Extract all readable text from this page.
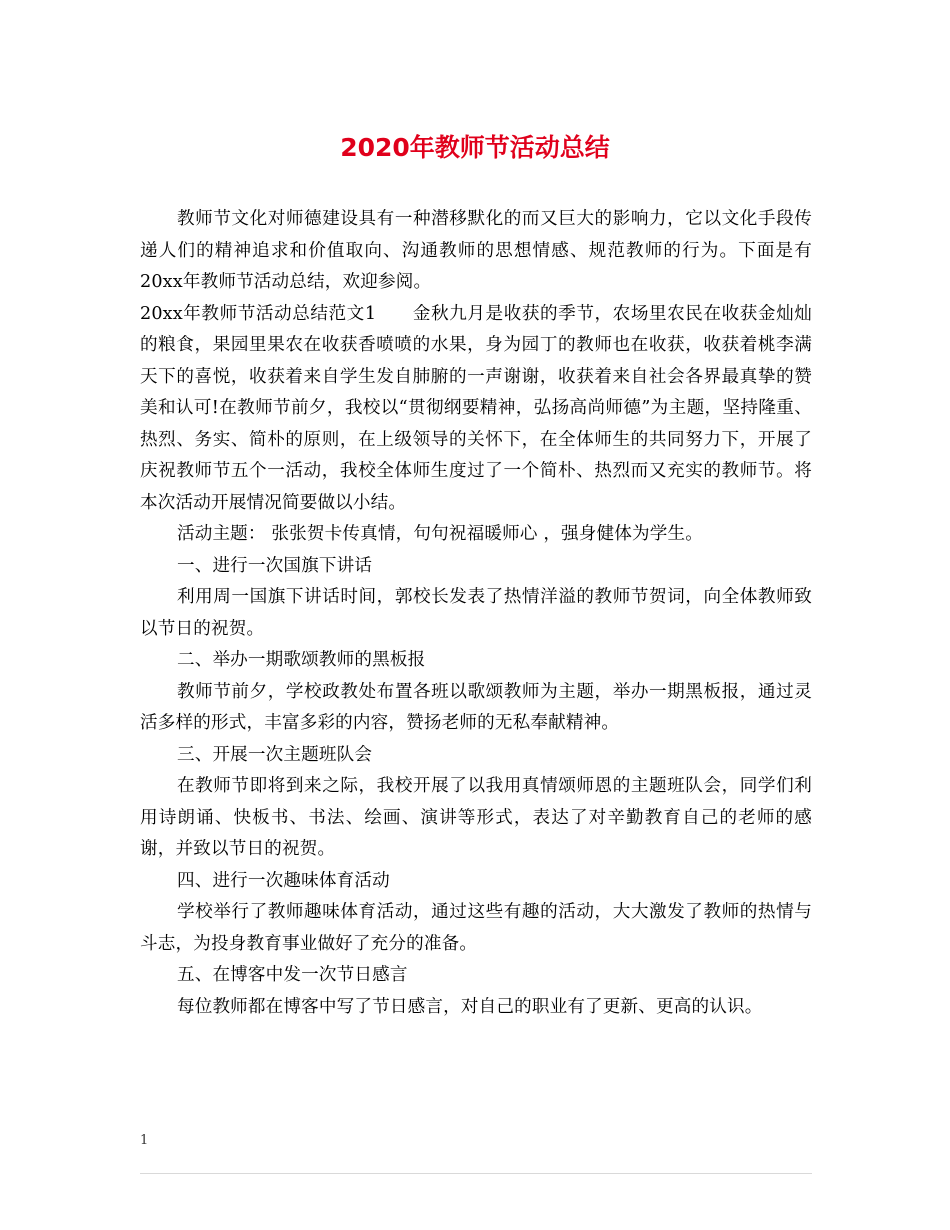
2020年教师节活动总结

教师节文化对师德建设具有一种潜移默化的而又巨大的影响力，它以文化手段传递人们的精神追求和价值取向、沟通教师的思想情感、规范教师的行为。下面是有20xx年教师节活动总结，欢迎参阅。

20xx年教师节活动总结范文1　　金秋九月是收获的季节，农场里农民在收获金灿灿的粮食，果园里果农在收获香喷喷的水果，身为园丁的教师也在收获，收获着桃李满天下的喜悦，收获着来自学生发自肺腑的一声谢谢，收获着来自社会各界最真挚的赞美和认可!在教师节前夕，我校以“贯彻纲要精神，弘扬高尚师德”为主题，坚持隆重、热烈、务实、简朴的原则，在上级领导的关怀下，在全体师生的共同努力下，开展了庆祝教师节五个一活动，我校全体师生度过了一个简朴、热烈而又充实的教师节。将本次活动开展情况简要做以小结。

活动主题： 张张贺卡传真情，句句祝福暖师心 ，强身健体为学生。

一、进行一次国旗下讲话

利用周一国旗下讲话时间，郭校长发表了热情洋溢的教师节贺词，向全体教师致以节日的祝贺。

二、举办一期歌颂教师的黑板报

教师节前夕，学校政教处布置各班以歌颂教师为主题，举办一期黑板报，通过灵活多样的形式，丰富多彩的内容，赞扬老师的无私奉献精神。

三、开展一次主题班队会

在教师节即将到来之际，我校开展了以我用真情颂师恩的主题班队会，同学们利用诗朗诵、快板书、书法、绘画、演讲等形式，表达了对辛勤教育自己的老师的感谢，并致以节日的祝贺。

四、进行一次趣味体育活动

学校举行了教师趣味体育活动，通过这些有趣的活动，大大激发了教师的热情与斗志，为投身教育事业做好了充分的准备。

五、在博客中发一次节日感言

每位教师都在博客中写了节日感言，对自己的职业有了更新、更高的认识。

1
